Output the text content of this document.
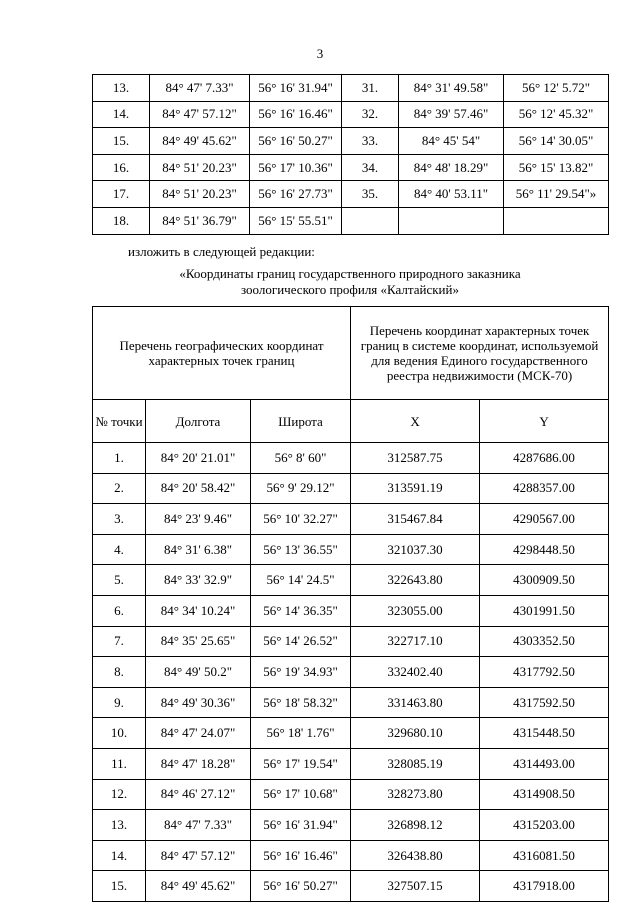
3
13.	84° 47' 7.33"	56° 16' 31.94"	31.	84° 31' 49.58"	56° 12' 5.72"
14.	84° 47' 57.12"	56° 16' 16.46"	32.	84° 39' 57.46"	56° 12' 45.32"
15.	84° 49' 45.62"	56° 16' 50.27"	33.	84° 45' 54"	56° 14' 30.05"
16.	84° 51' 20.23"	56° 17' 10.36"	34.	84° 48' 18.29"	56° 15' 13.82"
17.	84° 51' 20.23"	56° 16' 27.73"	35.	84° 40' 53.11"	56° 11' 29.54"»
18.	84° 51' 36.79"	56° 15' 55.51"			
изложить в следующей редакции:
«Координаты границ государственного природного заказника
зоологического профиля «Калтайский»
Перечень географических координат характерных точек границ			Перечень координат характерных точек границ в системе координат, используемой для ведения Единого государственного реестра недвижимости (МСК-70)	
№ точки	Долгота	Широта	X	Y
1.	84° 20' 21.01"	56° 8' 60"	312587.75	4287686.00
2.	84° 20' 58.42"	56° 9' 29.12"	313591.19	4288357.00
3.	84° 23' 9.46"	56° 10' 32.27"	315467.84	4290567.00
4.	84° 31' 6.38"	56° 13' 36.55"	321037.30	4298448.50
5.	84° 33' 32.9"	56° 14' 24.5"	322643.80	4300909.50
6.	84° 34' 10.24"	56° 14' 36.35"	323055.00	4301991.50
7.	84° 35' 25.65"	56° 14' 26.52"	322717.10	4303352.50
8.	84° 49' 50.2"	56° 19' 34.93"	332402.40	4317792.50
9.	84° 49' 30.36"	56° 18' 58.32"	331463.80	4317592.50
10.	84° 47' 24.07"	56° 18' 1.76"	329680.10	4315448.50
11.	84° 47' 18.28"	56° 17' 19.54"	328085.19	4314493.00
12.	84° 46' 27.12"	56° 17' 10.68"	328273.80	4314908.50
13.	84° 47' 7.33"	56° 16' 31.94"	326898.12	4315203.00
14.	84° 47' 57.12"	56° 16' 16.46"	326438.80	4316081.50
15.	84° 49' 45.62"	56° 16' 50.27"	327507.15	4317918.00
